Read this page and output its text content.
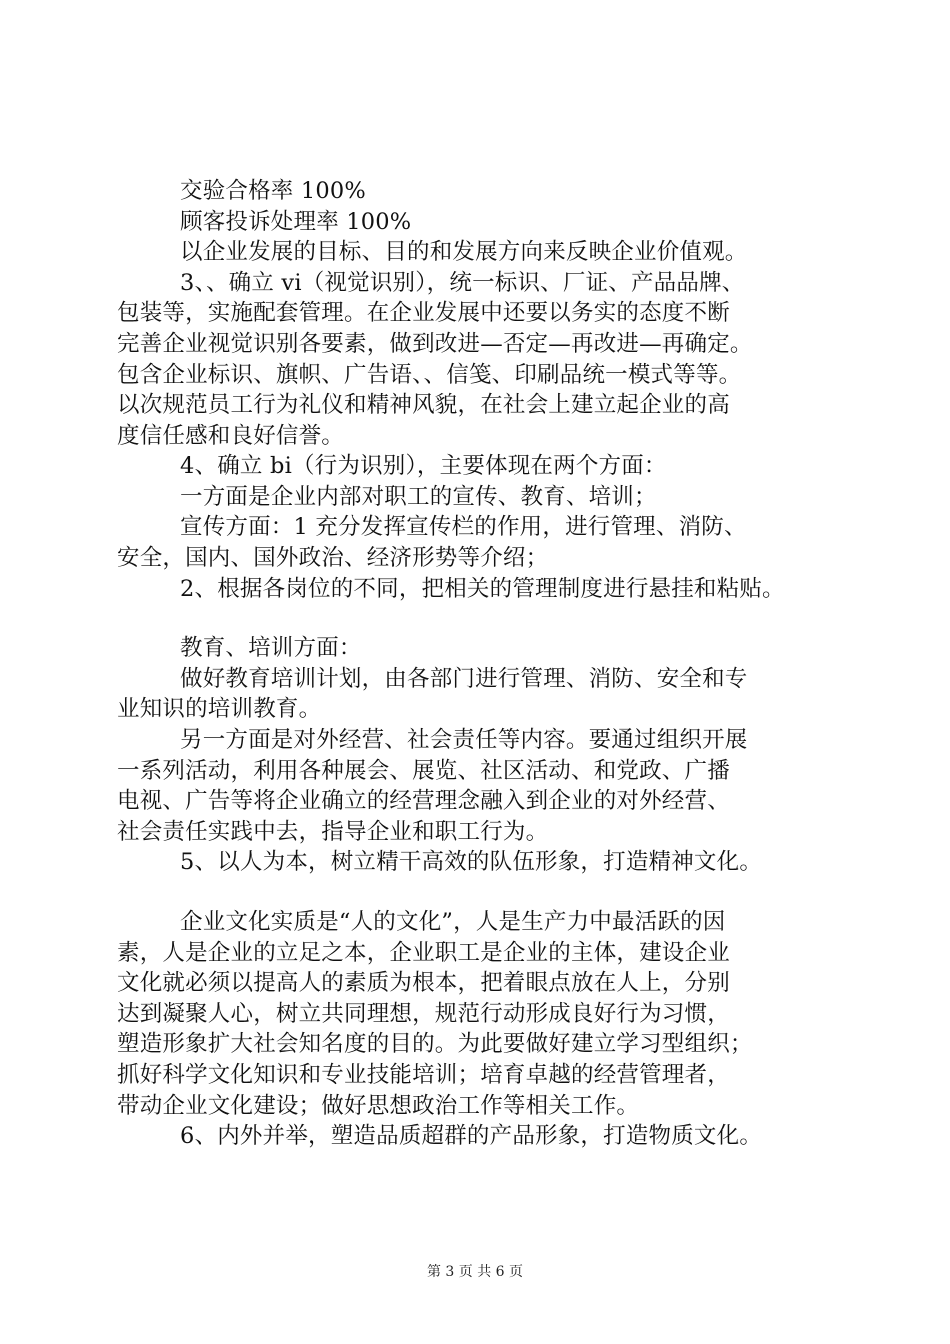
交验合格率 100%
顾客投诉处理率 100%
以企业发展的目标、目的和发展方向来反映企业价值观。
3、、确立 vi（视觉识别），统一标识、厂证、产品品牌、
包装等，实施配套管理。在企业发展中还要以务实的态度不断
完善企业视觉识别各要素，做到改进—否定—再改进—再确定。
包含企业标识、旗帜、广告语、、信笺、印刷品统一模式等等。
以次规范员工行为礼仪和精神风貌，在社会上建立起企业的高
度信任感和良好信誉。
4、确立 bi（行为识别），主要体现在两个方面：
一方面是企业内部对职工的宣传、教育、培训；
宣传方面：1 充分发挥宣传栏的作用，进行管理、消防、
安全，国内、国外政治、经济形势等介绍；
2、根据各岗位的不同，把相关的管理制度进行悬挂和粘贴。
教育、培训方面：
做好教育培训计划，由各部门进行管理、消防、安全和专
业知识的培训教育。
另一方面是对外经营、社会责任等内容。要通过组织开展
一系列活动，利用各种展会、展览、社区活动、和党政、广播
电视、广告等将企业确立的经营理念融入到企业的对外经营、
社会责任实践中去，指导企业和职工行为。
5、以人为本，树立精干高效的队伍形象，打造精神文化。
企业文化实质是“人的文化”，人是生产力中最活跃的因
素，人是企业的立足之本，企业职工是企业的主体，建设企业
文化就必须以提高人的素质为根本，把着眼点放在人上，分别
达到凝聚人心，树立共同理想，规范行动形成良好行为习惯，
塑造形象扩大社会知名度的目的。为此要做好建立学习型组织；
抓好科学文化知识和专业技能培训；培育卓越的经营管理者，
带动企业文化建设；做好思想政治工作等相关工作。
6、内外并举，塑造品质超群的产品形象，打造物质文化。
第 3 页 共 6 页
